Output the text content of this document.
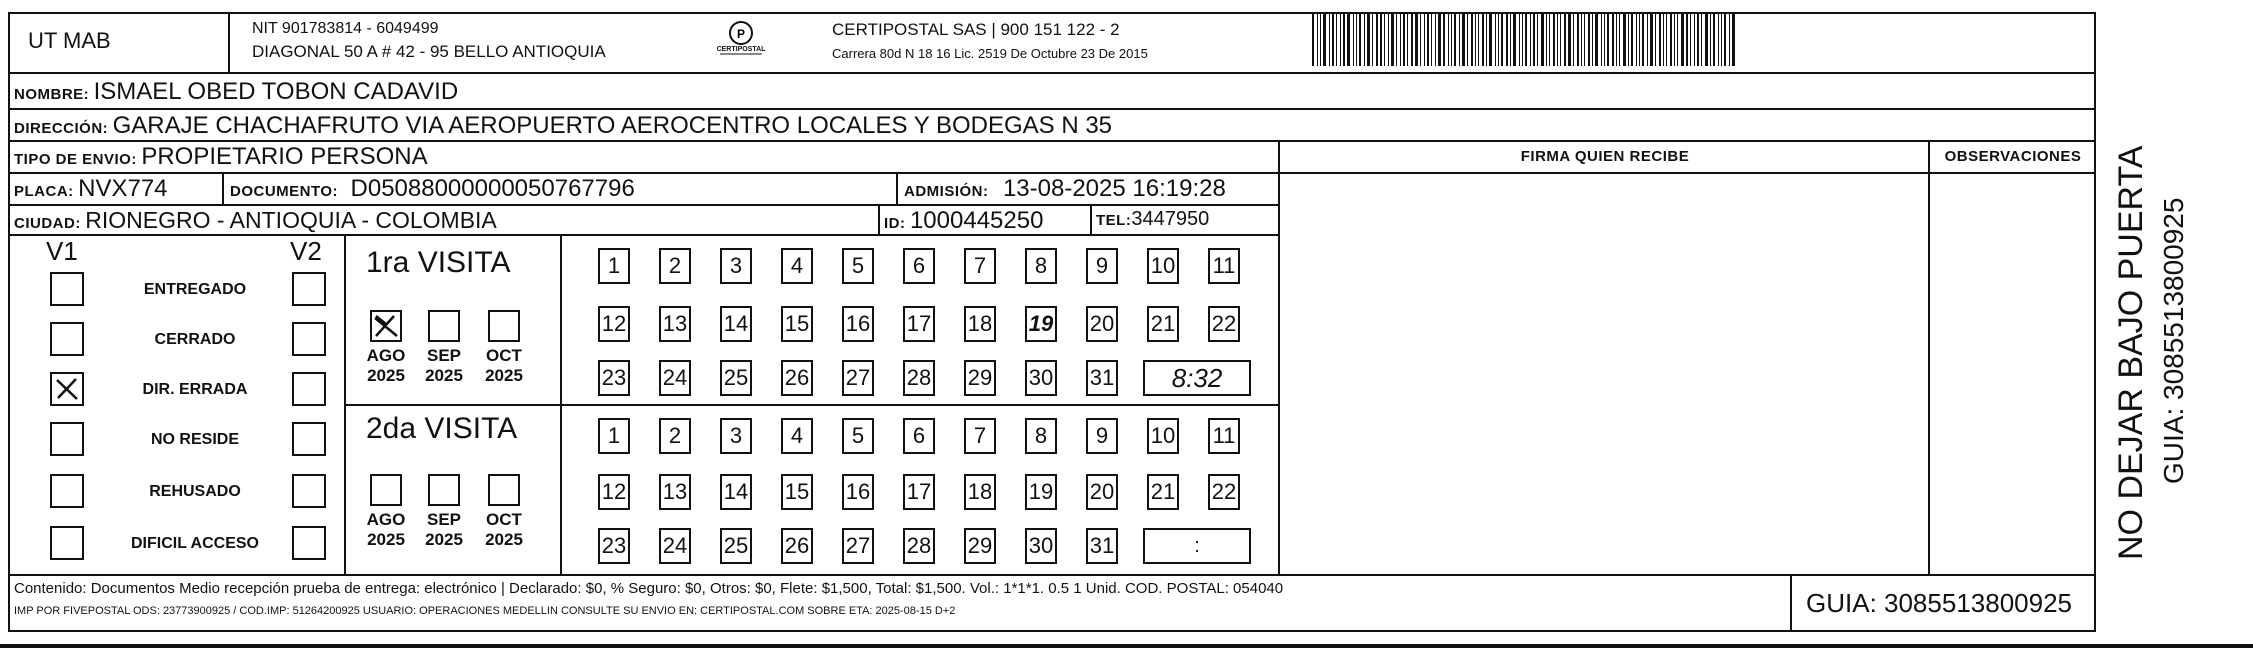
UT MAB	NIT 901783814 - 6049499
DIAGONAL 50 A # 42 - 95 BELLO ANTIOQUIA
P
CERTIPOSTAL
CERTIPOSTAL SAS | 900 151 122 - 2
Carrera 80d N 18 16 Lic. 2519 De Octubre 23 De 2015
NOMBRE: ISMAEL OBED TOBON CADAVID
DIRECCIÓN: GARAJE CHACHAFRUTO VIA AEROPUERTO AEROCENTRO LOCALES Y BODEGAS N 35
TIPO DE ENVIO: PROPIETARIO PERSONA	FIRMA QUIEN RECIBE	OBSERVACIONES
PLACA: NVX774	DOCUMENTO: D05088000000050767796	ADMISIÓN: 13-08-2025 16:19:28
CIUDAD: RIONEGRO - ANTIOQUIA - COLOMBIA	ID: 1000445250	TEL:3447950
V1	V2 1ra VISITA
2da VISITA
AGO
2025
SEP
2025
OCT
2025
AGO
2025
SEP
2025
OCT
2025
1	2	3	4	5	6	7	8	9	10 11
12 13 14 15 16 17 18 19 20 21 22
23 24 25 26 27 28 29 30 31	8:32
1	2	3	4	5	6	7	8	9	10 11
12 13 14 15 16 17 18 19 20 21 22
23 24 25 26 27 28 29 30 31	:
Contenido: Documentos Medio recepción prueba de entrega: electrónico | Declarado: $0, % Seguro: $0, Otros: $0, Flete: $1,500, Total: $1,500. Vol.: 1*1*1. 0.5 1 Unid. COD. POSTAL: 054040
IMP POR FIVEPOSTAL ODS: 23773900925 / COD.IMP: 51264200925 USUARIO: OPERACIONES MEDELLIN CONSULTE SU ENVIO EN: CERTIPOSTAL.COM SOBRE ETA: 2025-08-15 D+2	GUIA: 3085513800925
NO DEJAR BAJO PUERTA GUIA: 3085513800925
ENTREGADO
CERRADO
DIR. ERRADA
NO RESIDE
REHUSADO
DIFICIL ACCESO
